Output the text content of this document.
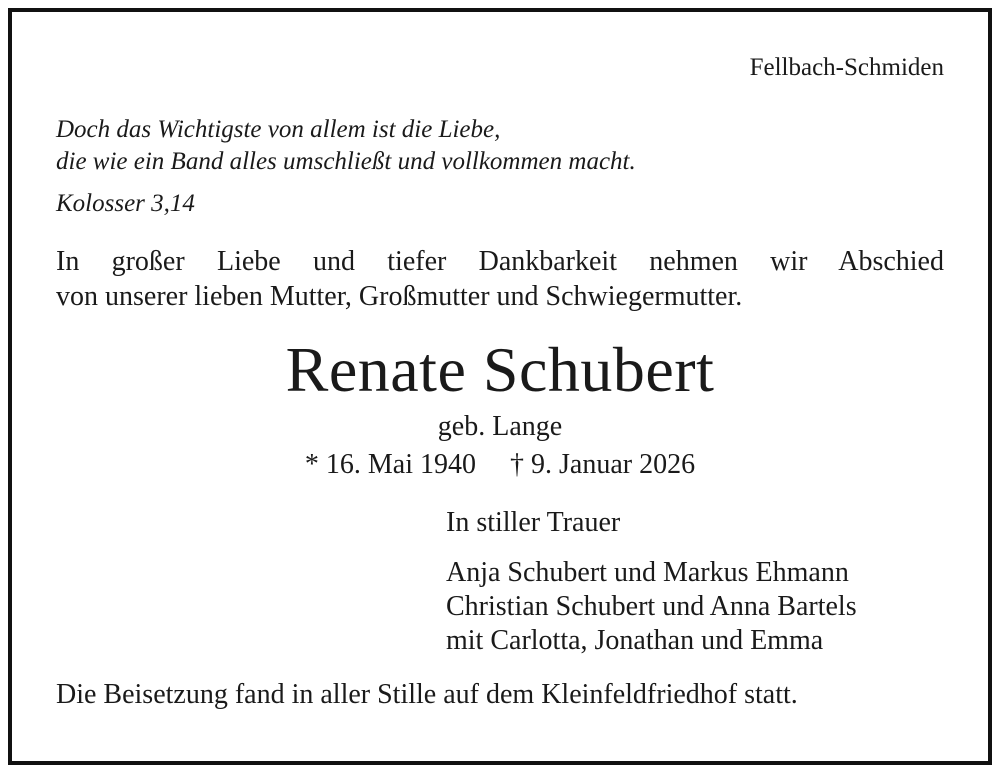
Fellbach-Schmiden
Doch das Wichtigste von allem ist die Liebe,
die wie ein Band alles umschließt und vollkommen macht.
Kolosser 3,14
In großer Liebe und tiefer Dankbarkeit nehmen wir Abschied
von unserer lieben Mutter, Großmutter und Schwiegermutter.
Renate Schubert
geb. Lange
* 16. Mai 1940 † 9. Januar 2026
In stiller Trauer
Anja Schubert und Markus Ehmann
Christian Schubert und Anna Bartels
mit Carlotta, Jonathan und Emma
Die Beisetzung fand in aller Stille auf dem Kleinfeldfriedhof statt.
